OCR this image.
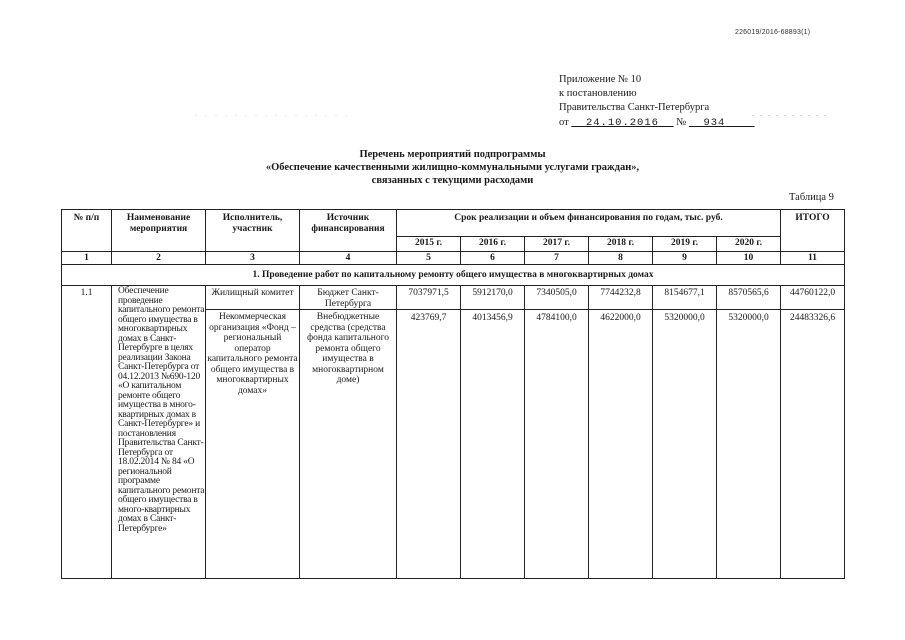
226019/2016-68893(1)
Приложение № 10
к постановлению
Правительства Санкт-Петербурга
от 24.10.2016 № 934
. . . . . . . . . .
. . . . . . . . . . . . . . . .
Перечень мероприятий подпрограммы
«Обеспечение качественными жилищно-коммунальными услугами граждан»,
связанных с текущими расходами
Таблица 9
№ п/п	Наименование мероприятия	Исполнитель, участник	Источник финансирования	Срок реализации и объем финансирования по годам, тыс. руб.						ИТОГО
				2015 г.	2016 г.	2017 г.	2018 г.	2019 г.	2020 г.	
1	2	3	4	5	6	7	8	9	10	11
1. Проведение работ по капитальному ремонту общего имущества в многоквартирных домах										
1.1	Обеспечение проведение капитального ремонта общего имущества в многоквартирных домах в Санкт-Петербурге в целях реализации Закона Санкт-Петербурга от 04.12.2013 №690-120 «О капитальном ремонте общего имущества в много-квартирных домах в Санкт-Петербурге» и постановления Правительства Санкт-Петербурга от 18.02.2014 № 84 «О региональной программе капитального ремонта общего имущества в много-квартирных домах в Санкт-Петербурге»	Жилищный комитет	Бюджет Санкт-Петербурга	7037971,5	5912170,0	7340505,0	7744232,8	8154677,1	8570565,6	44760122,0
		Некоммерческая организация «Фонд – региональный оператор капитального ремонта общего имущества в многоквартирных домах»	Внебюджетные средства (средства фонда капитального ремонта общего имущества в многоквартирном доме)	423769,7	4013456,9	4784100,0	4622000,0	5320000,0	5320000,0	24483326,6
